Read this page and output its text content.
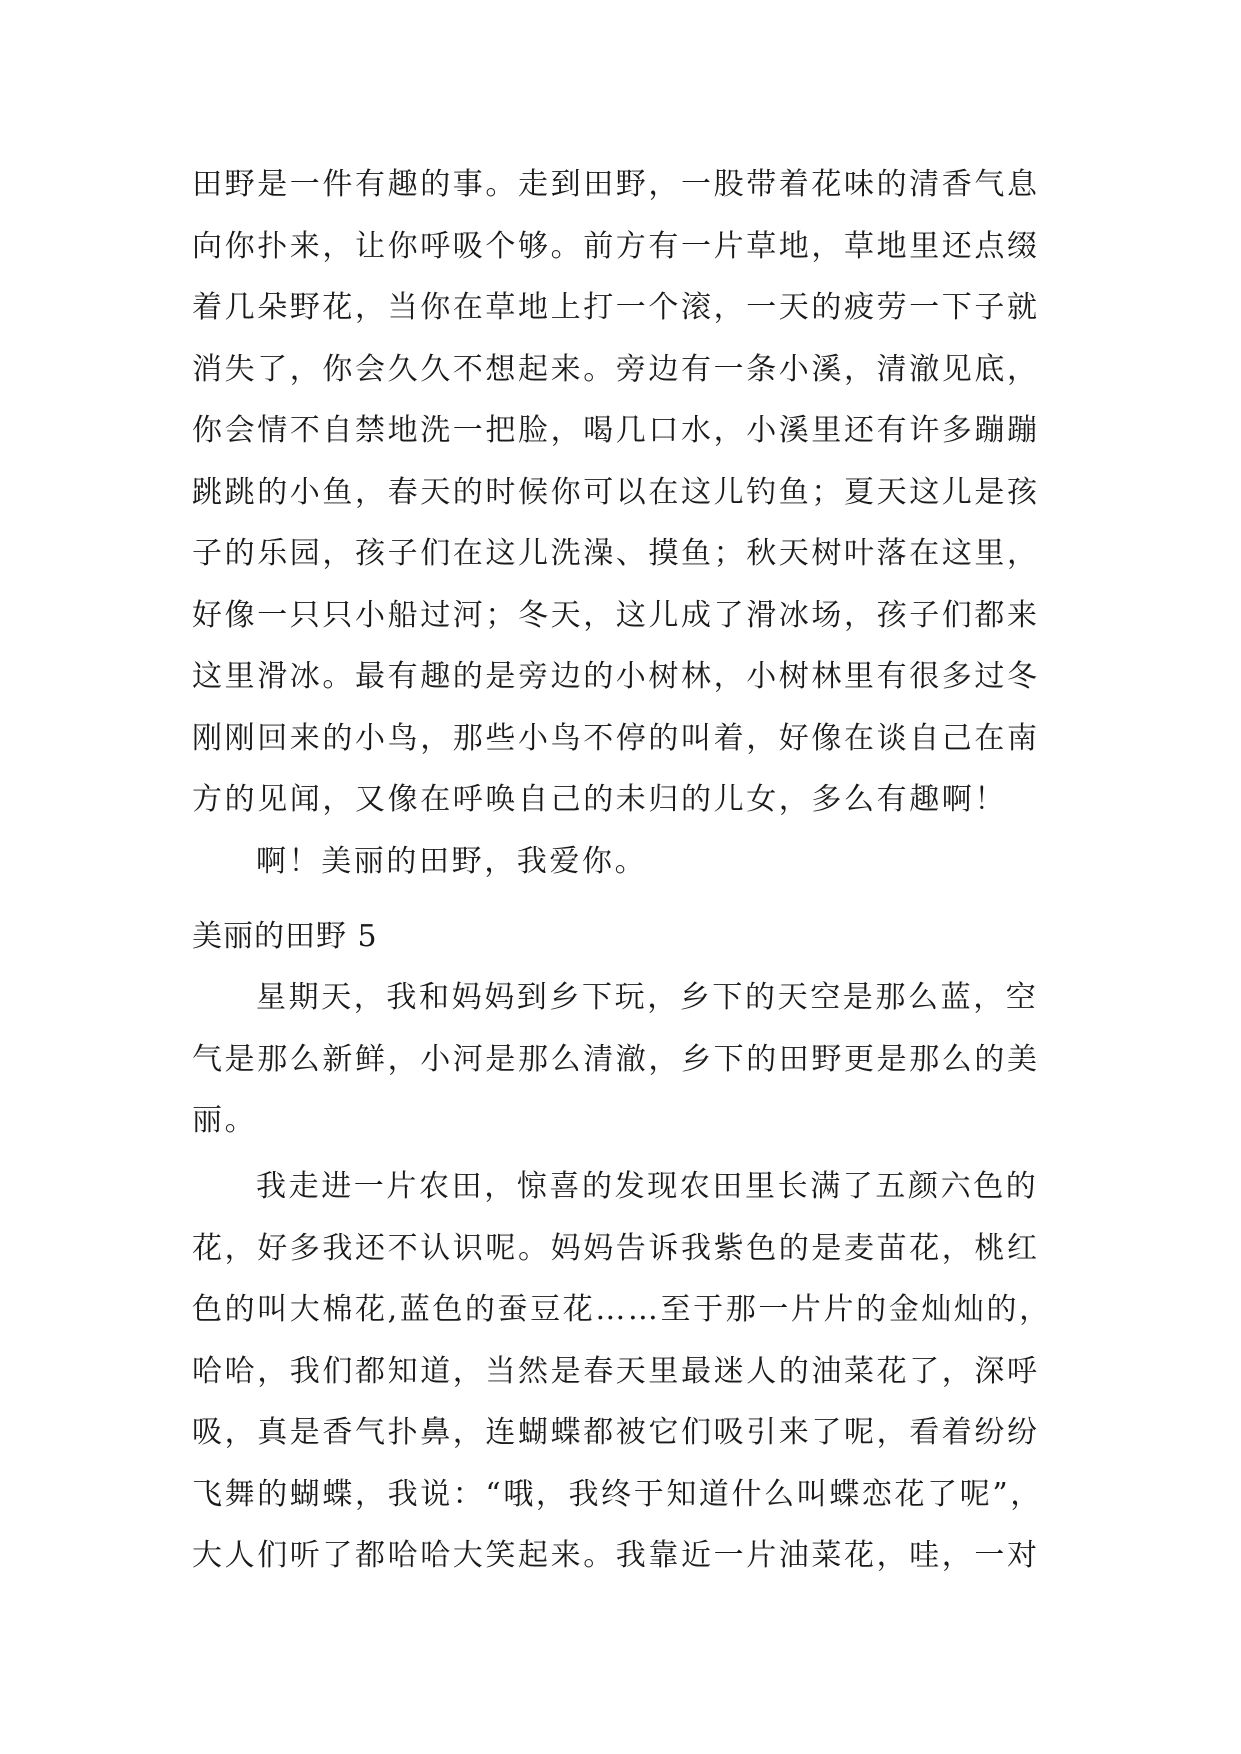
田野是一件有趣的事。走到田野，一股带着花味的清香气息
向你扑来，让你呼吸个够。前方有一片草地，草地里还点缀
着几朵野花，当你在草地上打一个滚，一天的疲劳一下子就
消失了，你会久久不想起来。旁边有一条小溪，清澈见底，
你会情不自禁地洗一把脸，喝几口水，小溪里还有许多蹦蹦
跳跳的小鱼，春天的时候你可以在这儿钓鱼；夏天这儿是孩
子的乐园，孩子们在这儿洗澡、摸鱼；秋天树叶落在这里，
好像一只只小船过河；冬天，这儿成了滑冰场，孩子们都来
这里滑冰。最有趣的是旁边的小树林，小树林里有很多过冬
刚刚回来的小鸟，那些小鸟不停的叫着，好像在谈自己在南
方的见闻，又像在呼唤自己的未归的儿女，多么有趣啊！
啊！美丽的田野，我爱你。
美丽的田野 5
星期天，我和妈妈到乡下玩，乡下的天空是那么蓝，空
气是那么新鲜，小河是那么清澈，乡下的田野更是那么的美
丽。
我走进一片农田，惊喜的发现农田里长满了五颜六色的
花，好多我还不认识呢。妈妈告诉我紫色的是麦苗花，桃红
色的叫大棉花,蓝色的蚕豆花……至于那一片片的金灿灿的，
哈哈，我们都知道，当然是春天里最迷人的油菜花了，深呼
吸，真是香气扑鼻，连蝴蝶都被它们吸引来了呢，看着纷纷
飞舞的蝴蝶，我说：“哦，我终于知道什么叫蝶恋花了呢”，
大人们听了都哈哈大笑起来。我靠近一片油菜花，哇，一对
